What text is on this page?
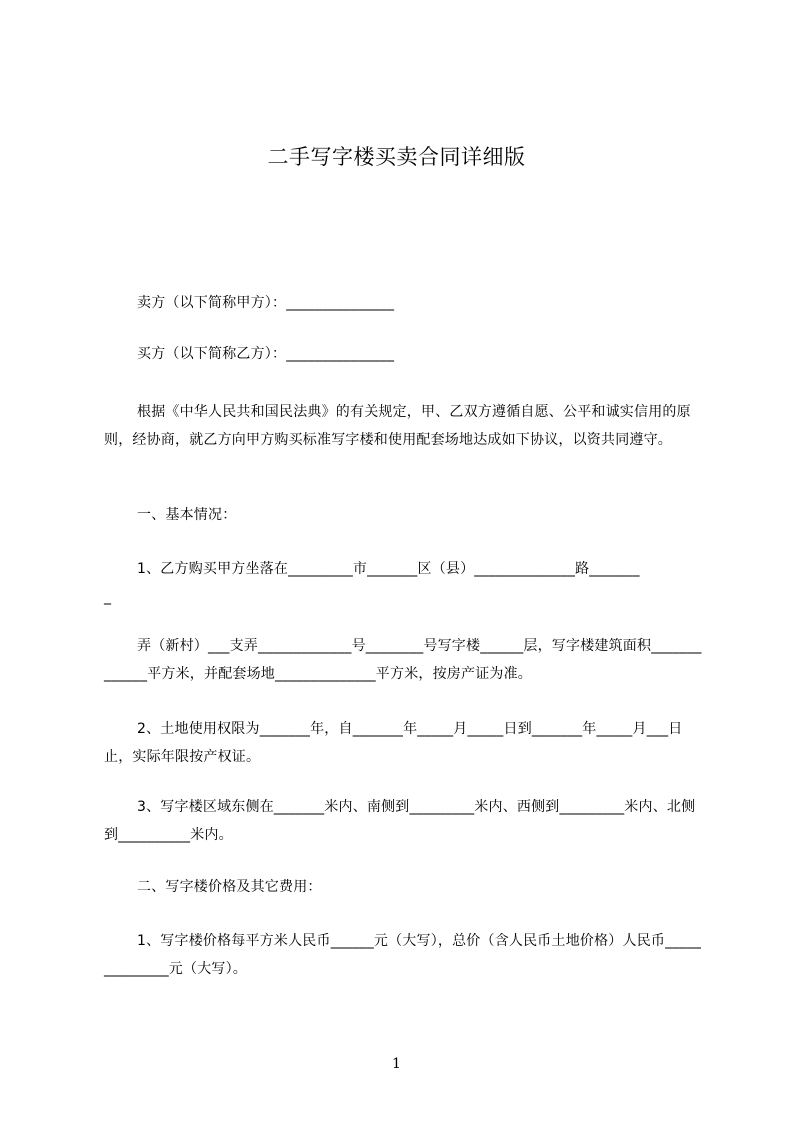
二手写字楼买卖合同详细版
卖方（以下简称甲方）：_______________
买方（以下简称乙方）：_______________
根据《中华人民共和国民法典》的有关规定，甲、乙双方遵循自愿、公平和诚实信用的原则，经协商，就乙方向甲方购买标准写字楼和使用配套场地达成如下协议，以资共同遵守。
一、基本情况：
1、乙方购买甲方坐落在_________市_______区（县）______________路_______
_
弄（新村）___支弄_____________号________号写字楼______层，写字楼建筑面积_____________平方米，并配套场地______________平方米，按房产证为准。
2、土地使用权限为_______年，自_______年_____月_____日到_______年_____月___日止，实际年限按产权证。
3、写字楼区域东侧在_______米内、南侧到_________米内、西侧到_________米内、北侧到__________米内。
二、写字楼价格及其它费用：
1、写字楼价格每平方米人民币______元（大写），总价（含人民币土地价格）人民币______________元（大写）。
1
